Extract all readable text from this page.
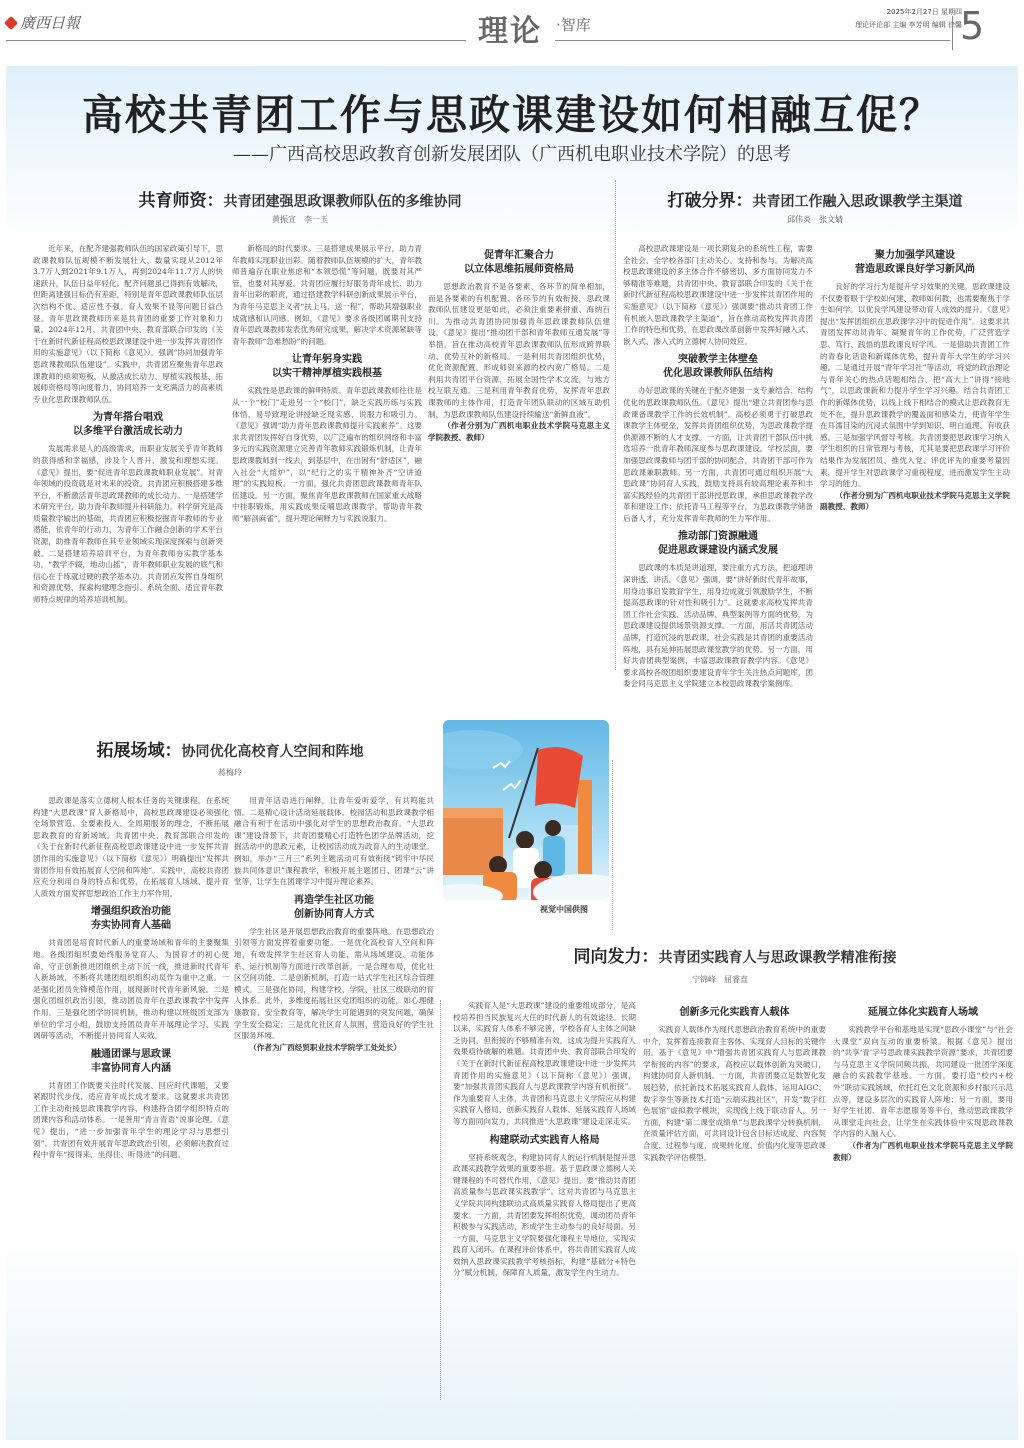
廣西日報	理论 ·智库
2025年2月27日 星期四
理论评论部 主编 李芳明 编辑 徐馨
5
高校共青团工作与思政课建设如何相融互促？
——广西高校思政教育创新发展团队（广西机电职业技术学院）的思考
共育师资：共青团建强思政课教师队伍的多维协同
黄振宣　李一玉

近年来，在配齐建强教师队伍的国家政策引导下，思政课教师队伍规模不断发展壮大，数量实现从2012年3.7万人到2021年9.1万人，再到2024年11.7万人的快速跃升，队伍日益年轻化。配齐问题虽已得到有效解决，但距离建强目标仍有差距，特别是青年思政课教师队伍层次结构不优、适应性不强、育人效果不显等问题日益凸显。青年思政课教师历来是共青团的重要工作对象和力量。2024年12月，共青团中央、教育部联合印发的《关于在新时代新征程高校思政课建设中进一步发挥共青团作用的实施意见》（以下简称《意见》），强调“协同加强青年思政课教师队伍建设”。实践中，共青团应聚焦青年思政课教师的亟须短板，从激活成长动力、厚植实践根基、拓展师资格局等向度着力，协同培养一支充满活力的高素质专业化思政课教师队伍。

为青年搭台唱戏
以多维平台激活成长动力

发展需求是人的高级需求，而职业发展关乎青年教师的获得感和幸福感，涉及个人晋升、激发和理想实现。《意见》提出，要“促进青年思政课教师职业发展”。对青年领域的投资就是对未来的投资。共青团应积极搭建多维平台，不断激活青年思政课教师的成长动力。一是搭建学术研究平台，助力青年教师提升科研能力。科学研究是高质量教学输出的基础，共青团应积极挖掘青年教师的专业潜能，依青年的行动力，为青年工作融合创新的学术平台资源，助推青年教师在其专业领域实现深度探索与创新突破。二是搭建培养培训平台，为青年教师夯实教学基本功。“教学不辍，地动山摇”，青年教师职业发展的底气和信心在于练就过硬的教学基本功。共青团应发挥自身组织和资源优势，探索构建理念指引、系统全面、适宜青年教师特点规律的培养培训机制。

新格局的时代要求。三是搭建成果展示平台，助力青年教师实现职业出彩。随着教师队伍规模的扩大，青年教师普遍存在职业焦虑和“本领恐慌”等问题，既要对其严管，也要对其厚爱。共青团应履行好服务青年成长、助力青年出彩的职责，通过搭建教学科研创新成果展示平台，为青年马克思主义者“扶上马，送一程”，帮助其增强职业成就感和认同感。例如，《意见》要求各级团属期刊支持青年思政课教师发表优秀研究成果，解决学术资源紧缺等青年教师“急难愁盼”的问题。

让青年躬身实践
以实干精神厚植实践根基

实践性是思政课的鲜明特质。青年思政课教师往往是从一个“校门”走进另一个“校门”，缺乏实践历练与实践体悟，易导致理论讲授缺乏现实感、说服力和吸引力。《意见》强调“助力青年思政课教师提升实践素养”。这要求共青团发挥好自身优势，以广泛遍布的组织网络和丰富多元的实践资源建立完善青年教师实践锻炼机制，让青年思政课教师到一线去，到基层中，在出困有“舒适区”，融入社会“大熔炉”，以“纪行之的实干精神补齐“空讲道理”的实践短板。一方面，强化共青团思政课教师青年队伍建设。另一方面，聚焦青年思政课教师在国家重大战略中挂职锻炼，用实践成果反哺思政课教学，帮助青年教师“解剖麻雀”，提升理论阐释力与实践说服力。

促青年汇聚合力
以立体思维拓展师资格局

思想政治教育不是各要素、各环节的简单相加，而是各要素的有机配置、各环节的有效衔接，思政课教师队伍建设更是如此，必须注重要素拼重、海纳百川。为推动共青团协同加强青年思政课教师队伍建设，《意见》提出“推动团干部和青年教师互通发展”等举措，旨在推动高校青年思政课教师队伍形成跨界联动、优势互补的新格局。一是利用共青团组织优势，优化资源配置，形成师资来源的校内宽广格局。二是利用共青团平台资源，拓展全国性学术交流，与地方校互联互通。三是利用青年教育优势，发挥青年思政课教师的主体作用，打造青年团队联动的区域互助机制，为思政课教师队伍建设持续输送“新鲜血液”。

（作者分别为广西机电职业技术学院马克思主义学院教授、教师）

打破分界：共青团工作融入思政课教学主渠道
邱伟炎　张文婧

高校思政课建设是一项长期复杂的系统性工程，需要全社会、全学校各部门主动关心、支持和参与。为解决高校思政课建设的多主体合作不够密切、多方面协同发力不够精准等难题，共青团中央、教育部联合印发的《关于在新时代新征程高校思政课建设中进一步发挥共青团作用的实施意见》（以下简称《意见》）强调要“推动共青团工作有机嵌入思政课教学主渠道”，旨在推动高校发挥共青团工作的特色和优势，在思政课改革创新中发挥好融入式、嵌入式、渗入式的立德树人协同效应。

突破教学主体壁垒
优化思政课教师队伍结构

办好思政课的关键在于配齐建强一支专兼结合、结构优化的思政课教师队伍。《意见》提出“建立共青团参与思政课备课教学工作的长效机制”。高校必须勇于打破思政课教学主体壁垒，发挥共青团组织优势，为思政课教学提供源源不断的人才支撑。一方面，让共青团干部队伍中挑选培养一批青年教师深度参与思政课建设。学校层面，要加强思政课教师与团干部的协同配合，共青团干部可作为思政课兼职教师。另一方面，共青团可通过组织开展“大思政课”协同育人实践，鼓励支持具有较高理论素养和丰富实践经验的共青团干部讲授思政课，承担思政课教学改革和建设工作；依托青马工程等平台，为思政课教学储备后备人才，充分发挥青年教师的生力军作用。

推动部门资源融通
促进思政课建设内涵式发展

思政课的本质是讲道理，要注重方式方法，把道理讲深讲透、讲活。《意见》强调，要“讲好新时代青年故事，用身边事启发教育学生，用身边成就引领激励学生，不断提高思政课的针对性和吸引力”。这就要求高校发挥共青团工作社会实践、活动品牌、典型案例等方面的优势，为思政课建设提供场景资源支撑。一方面，用活共青团活动品牌，打造沉浸的思政课。社会实践是共青团的重要活动阵地，具有延伸拓展思政课堂教学的优势。另一方面，用好共青团典型案例，丰富思政课教育教学内容。《意见》要求高校各级团组织要建设青年学生关注热点问题库，团委会同马克思主义学院建立本校思政课教学案例库。

聚力加强学风建设
营造思政课良好学习新风尚

良好的学习行为是提升学习效果的关键。思政课建设不仅要着眼于学校如何建、教师如何教，也需要聚焦于学生如何学。以优良学风建设带动育人成效的提升。《意见》提出“发挥团组织在思政课学习中的促进作用”。这要求共青团发挥动员青年、凝聚青年的工作优势，广泛营造学思、笃行、践悟的思政课良好学风。一是借助共青团工作的青春化话语和新媒体优势，提升青年大学生的学习兴趣。二是通过开展“青年学习社”等活动，将党的政治理论与青年关心的热点话题相结合，把“高大上”讲得“接地气”，以思政课新和力提升学生学习兴趣。结合共青团工作的新媒体优势，以线上线下相结合的模式让思政教育无处不在，提升思政课教学的覆盖面和感染力，使青年学生在耳濡目染的沉浸式氛围中学到知识、明白道理、有收获感。三是加强学风督导考核。共青团要把思政课学习纳入学生组织的日常管理与考核，尤其是要把思政课学习评价结果作为发展团员、推优入党、评优评先的重要考量因素，提升学生对思政课学习重视程度，进而激发学生主动学习的能力。

（作者分别为广西机电职业技术学院马克思主义学院副教授、教师）

视觉中国供图
拓展场域：协同优化高校育人空间和阵地
蒋梅玲

思政课是落实立德树人根本任务的关键课程。在系统构建“大思政课”育人新格局中，高校思政课建设必须强化全场景营造、全要素投入、全周期服务的理念，不断拓展思政教育的育新场域。共青团中央、教育部联合印发的《关于在新时代新征程高校思政课建设中进一步发挥共青团作用的实施意见》（以下简称《意见》）明确提出“发挥共青团作用有效拓展育人空间和阵地”。实践中，高校共青团应充分利用自身的特点和优势，在拓展育人场域、提升育人质效方面发挥思想政治工作主力军作用。

增强组织政治功能
夯实协同育人基础

共青团是培育时代新人的重要场域和青年的主要聚集地。各级团组织要始终服务党育人，为国育才的初心使命，守正创新推进团组织主动下沉一线，推进新时代青年人新场域，不断将共建团组织组织动员作为重中之重。一是强化团员先锋模范作用，展现新时代青年新风貌。二是强化团组织政治引领，推动团员青年在思政课教学中发挥作用。三是强化团学协同机制，推动构建以班级团支部为单位的学习小组，鼓励支持团员青年开展理论学习、实践调研等活动，不断提升协同育人实效。

融通团课与思政课
丰富协同育人内涵

共青团工作既要关注时代发展、回应时代课题，又要紧跟时代步伐、适应青年成长成才要求。这就要求共青团工作主动衔接思政课教学内容，构建持合团学组织特点的团课内容和活动体系。一是善用“青言青语”说事论理。《意见》提出，“进一步加强青年学生的理论学习与思想引领”。共青团有效开展青年思政政治引领，必须解决教育过程中青年“接得来、坐得住、听得进”的问题。

用青年话语进行阐释，让青年爱听爱学，有共鸣能共情。二是精心设计活动延展载体。校园活动和思政课教学相融合有利于在活动中强化对学生的思想政治教育。“大思政课”建设背景下，共青团要精心打造特色团学品牌活动，挖掘活动中的思政元素，让校园活动成为政育人的生动课堂。例如，举办“三月三”系列主题活动可有效衔接“铸牢中华民族共同体意识”课程教学，积极开展主题团日、团课“云”讲堂等，让学生在团课学习中提升理论素养。

再造学生社区功能
创新协同育人方式

学生社区是开展思想政治教育的重要阵地。在思想政治引领等方面发挥着重要功能。一是优化高校育人空间和阵地，有效发挥学生社区育人功能，需从场域建设、功能体系、运行机制等方面进行改革创新。一是合理布局，优化社区空间功能。二是创新机制，打造一站式学生社区综合管理模式。三是强化协同，构建学校、学院、社区三级联动的育人体系。此外，多维度拓展社区党团组织的功能，如心理健康教育、安全教育等，解决学生可能遇到的突发问题，确保学生安全稳定；三是优化社区育人氛围，营造良好的学生社区服务环境。

（作者为广西经贸职业技术学院学工处处长）

同向发力：共青团实践育人与思政课教学精准衔接
宁锦峰　屈睿直

实践育人是“大思政课”建设的重要组成部分，是高校培养担当民族复兴大任的时代新人的有效途径。长期以来，实践育人体系不够完善，学校各育人主体之间缺乏协同，但衔接的不够精准有效，这成为提升实践育人效果亟待破解的难题。共青团中央、教育部联合印发的《关于在新时代新征程高校思政课建设中进一步发挥共青团作用的实施意见》（以下简称《意见》）强调，要“加强共青团实践育人与思政课教学内容有机衔接”。作为重要育人主体，共青团和马克思主义学院应从构建实践育人格局、创新实践育人载体、延展实践育人场域等方面同向发力，共同推进“大思政课”建设走深走实。

构建联动式实践育人格局

坚持系统观念，构建协同育人的运行机制是提升思政课实践教学效果的重要举措。基于思政课立德树人关键课程的不可替代作用，《意见》提出，要“推动共青团高质量参与思政课实践教学”。这对共青团与马克思主义学院共同构建联动式高质量实践育人格局提出了更高要求。一方面，共青团要发挥组织优势，调动团员青年积极参与实践活动，形成学生主动参与的良好局面。另一方面，马克思主义学院要强化课程主导地位，实现实践育人闭环。在课程评价体系中，将共青团实践育人成效纳入思政课实践教学考核指标，构建“基础分+特色分”赋分机制，保障育人质量，激发学生内生动力。

创新多元化实践育人载体

实践育人载体作为现代思想政治教育系统中的重要中介，发挥着连接教育主客体、实现育人目标的关键作用。基于《意见》中“增强共青团实践育人与思政课教学衔接的内容”的要求，高校应以载体创新为突破口，构建协同育人新机制。一方面，共青团要立足数智化发展趋势，依托新技术拓展实践育人载体，运用AIGC、数字孪生等新技术打造“云端实践社区”，开发“数字红色展馆”虚拟教学模块，实现线上线下联动育人。另一方面，构建“第二课堂成绩单”与思政课学分转换机制，在质量评估方面，可共同设计包含目标达成度、内容契合度、过程参与度、成果转化度、价值内化度等思政课实践教学评估模型。

延展立体化实践育人场域

实践教学平台和基地是实现“思政小课堂”与“社会大课堂”双向互动的重要桥梁。根据《意见》提出的“共享‘青’字号思政课实践教学资源”要求，共青团要与马克思主义学院同频共振，共同建设一批团学深度融合的实践教学基地。一方面，要打造“校内+校外”联动实践场域，依托红色文化资源和乡村振兴示范点等，建设多层次的实践育人阵地；另一方面，要用好学生社团、青年志愿服务等平台，推动思政课教学从课堂走向社会，让学生在实践体验中实现思政课教学内容的入脑入心。

（作者为广西机电职业技术学院马克思主义学院教师）
